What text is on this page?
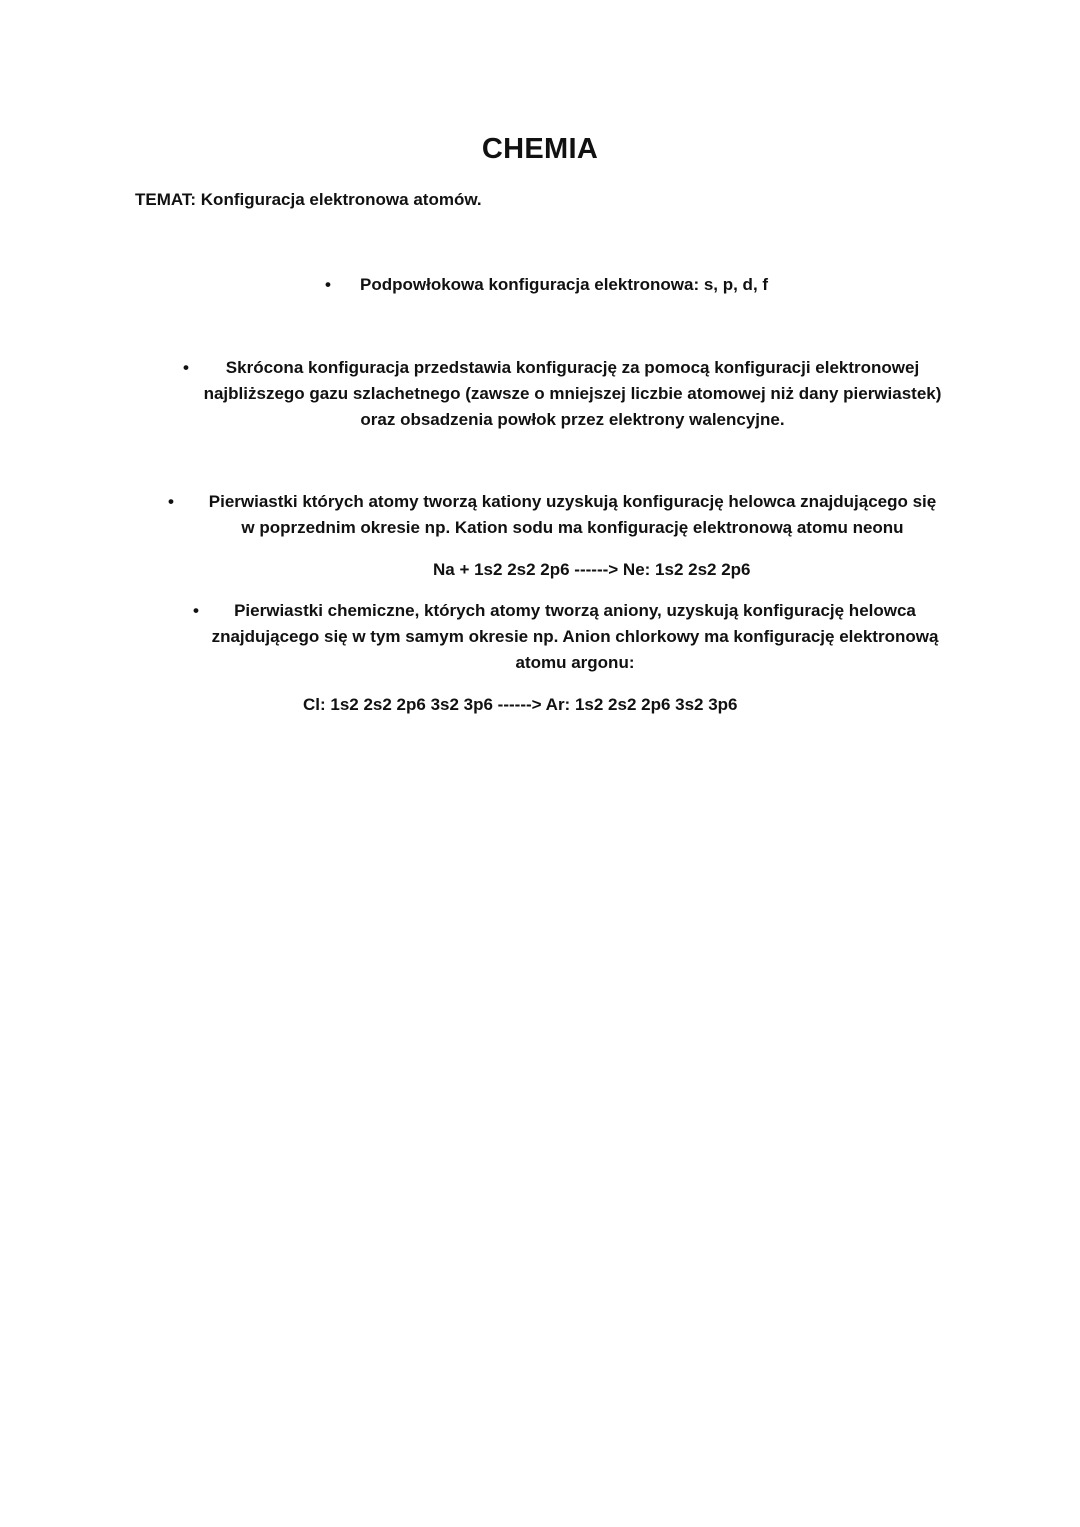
CHEMIA
TEMAT: Konfiguracja elektronowa atomów.
• Podpowłokowa konfiguracja elektronowa: s, p, d, f
•	Skrócona konfiguracja przedstawia konfigurację za pomocą konfiguracji elektronowej
najbliższego gazu szlachetnego (zawsze o mniejszej liczbie atomowej niż dany pierwiastek)
oraz obsadzenia powłok przez elektrony walencyjne.
•	Pierwiastki których atomy tworzą kationy uzyskują konfigurację helowca znajdującego się
w poprzednim okresie np. Kation sodu ma konfigurację elektronową atomu neonu
Na + 1s2 2s2 2p6 ------> Ne: 1s2 2s2 2p6
•	Pierwiastki chemiczne, których atomy tworzą aniony, uzyskują konfigurację helowca
znajdującego się w tym samym okresie np. Anion chlorkowy ma konfigurację elektronową
atomu argonu:
Cl: 1s2 2s2 2p6 3s2 3p6 ------> Ar: 1s2 2s2 2p6 3s2 3p6
